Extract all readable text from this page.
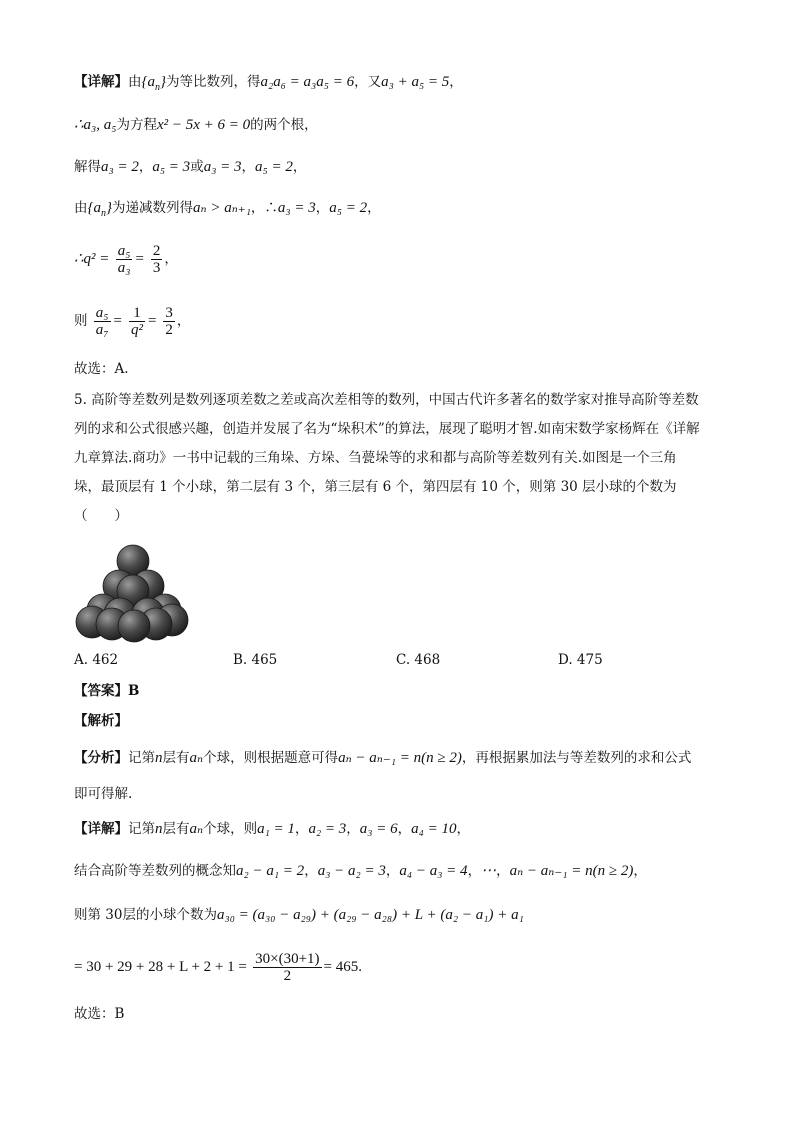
【详解】由$\{a_n\}$为等比数列，得a₂a₆ = a₃a₅ = 6，又a₃ + a₅ = 5，
∴a₃, a₅为方程x² − 5x + 6 = 0的两个根，
解得a₃ = 2，a₅ = 3或a₃ = 3，a₅ = 2，
由$\{a_n\}$为递减数列得aₙ > aₙ₊₁，∴a₃ = 3，a₅ = 2，
∴q² = $\frac{\text{a₅}}{\text{a₃}} = \frac{2}{3}$ ，
则 $\frac{\text{a₅}}{\text{a₇}} = \frac{1}{\text{q²}} = \frac{3}{2}$ ，
故选：A.
5. 高阶等差数列是数列逐项差数之差或高次差相等的数列，中国古代许多著名的数学家对推导高阶等差数
列的求和公式很感兴趣，创造并发展了名为“垛积术”的算法，展现了聪明才智.如南宋数学家杨辉在《详解
九章算法.商功》一书中记载的三角垛、方垛、刍甍垛等的求和都与高阶等差数列有关.如图是一个三角
垛，最顶层有 1 个小球，第二层有 3 个，第三层有 6 个，第四层有 10 个，则第 30 层小球的个数为
（　　）
A. 462	B. 465	C. 468	D. 475
【答案】B
【解析】
【分析】记第n层有aₙ个球，则根据题意可得aₙ − aₙ₋₁ = n(n ≥ 2)，再根据累加法与等差数列的求和公式
即可得解.
【详解】记第n层有aₙ个球，则a₁ = 1，a₂ = 3，a₃ = 6，a₄ = 10，
结合高阶等差数列的概念知a₂ − a₁ = 2，a₃ − a₂ = 3，a₄ − a₃ = 4，⋯，aₙ − aₙ₋₁ = n(n ≥ 2)，
则第 30层的小球个数为a₃₀ = (a₃₀ − a₂₉) + (a₂₉ − a₂₈) + L + (a₂ − a₁) + a₁
= $30 + 29 + 28 + L + 2 + 1 = \frac{30\times(30+1)}{2} = 465$.
故选：B
